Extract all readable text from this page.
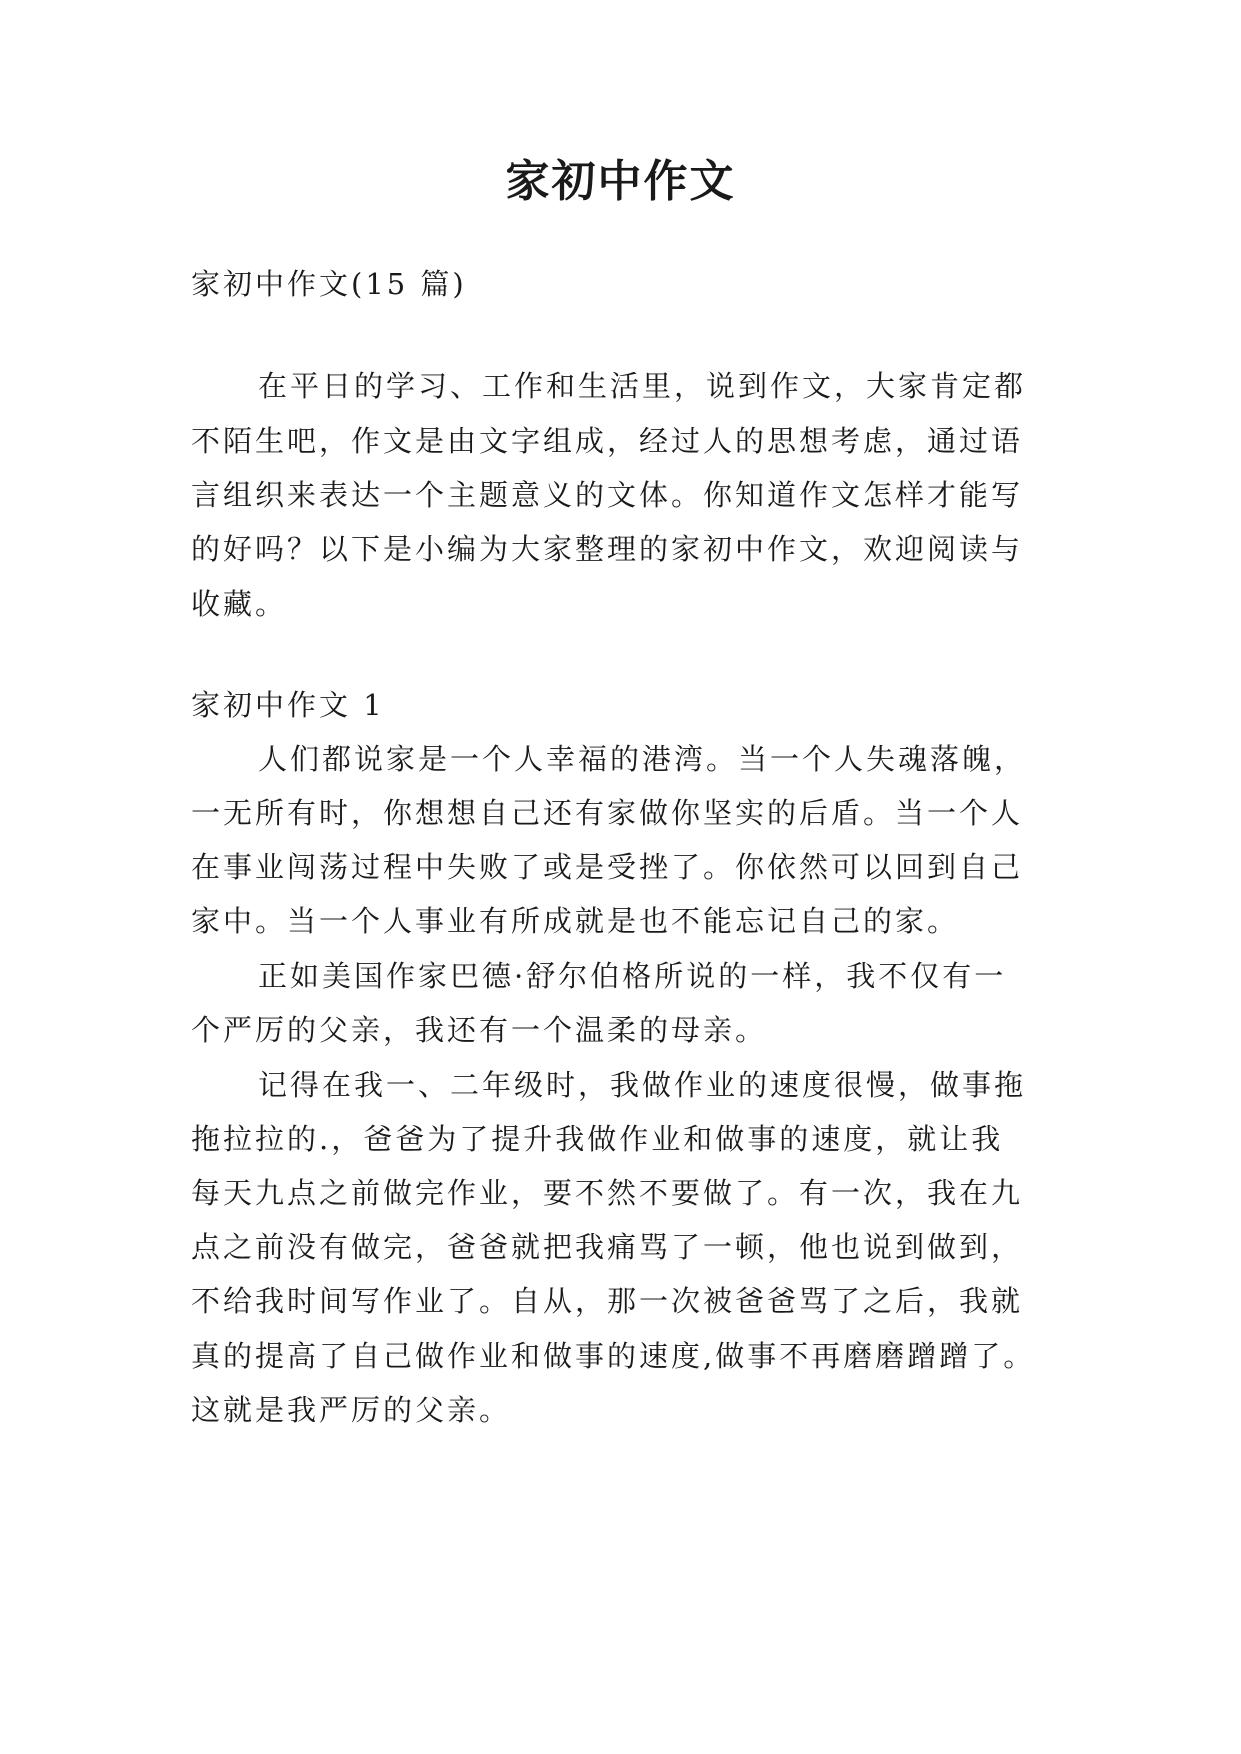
家初中作文

家初中作文(15 篇)

在平日的学习、工作和生活里，说到作文，大家肯定都

不陌生吧，作文是由文字组成，经过人的思想考虑，通过语

言组织来表达一个主题意义的文体。你知道作文怎样才能写

的好吗？以下是小编为大家整理的家初中作文，欢迎阅读与

收藏。

家初中作文 1

人们都说家是一个人幸福的港湾。当一个人失魂落魄，

一无所有时，你想想自己还有家做你坚实的后盾。当一个人

在事业闯荡过程中失败了或是受挫了。你依然可以回到自己

家中。当一个人事业有所成就是也不能忘记自己的家。

正如美国作家巴德·舒尔伯格所说的一样，我不仅有一

个严厉的父亲，我还有一个温柔的母亲。

记得在我一、二年级时，我做作业的速度很慢，做事拖

拖拉拉的.，爸爸为了提升我做作业和做事的速度，就让我

每天九点之前做完作业，要不然不要做了。有一次，我在九

点之前没有做完，爸爸就把我痛骂了一顿，他也说到做到，

不给我时间写作业了。自从，那一次被爸爸骂了之后，我就

真的提高了自己做作业和做事的速度,做事不再磨磨蹭蹭了。

这就是我严厉的父亲。
